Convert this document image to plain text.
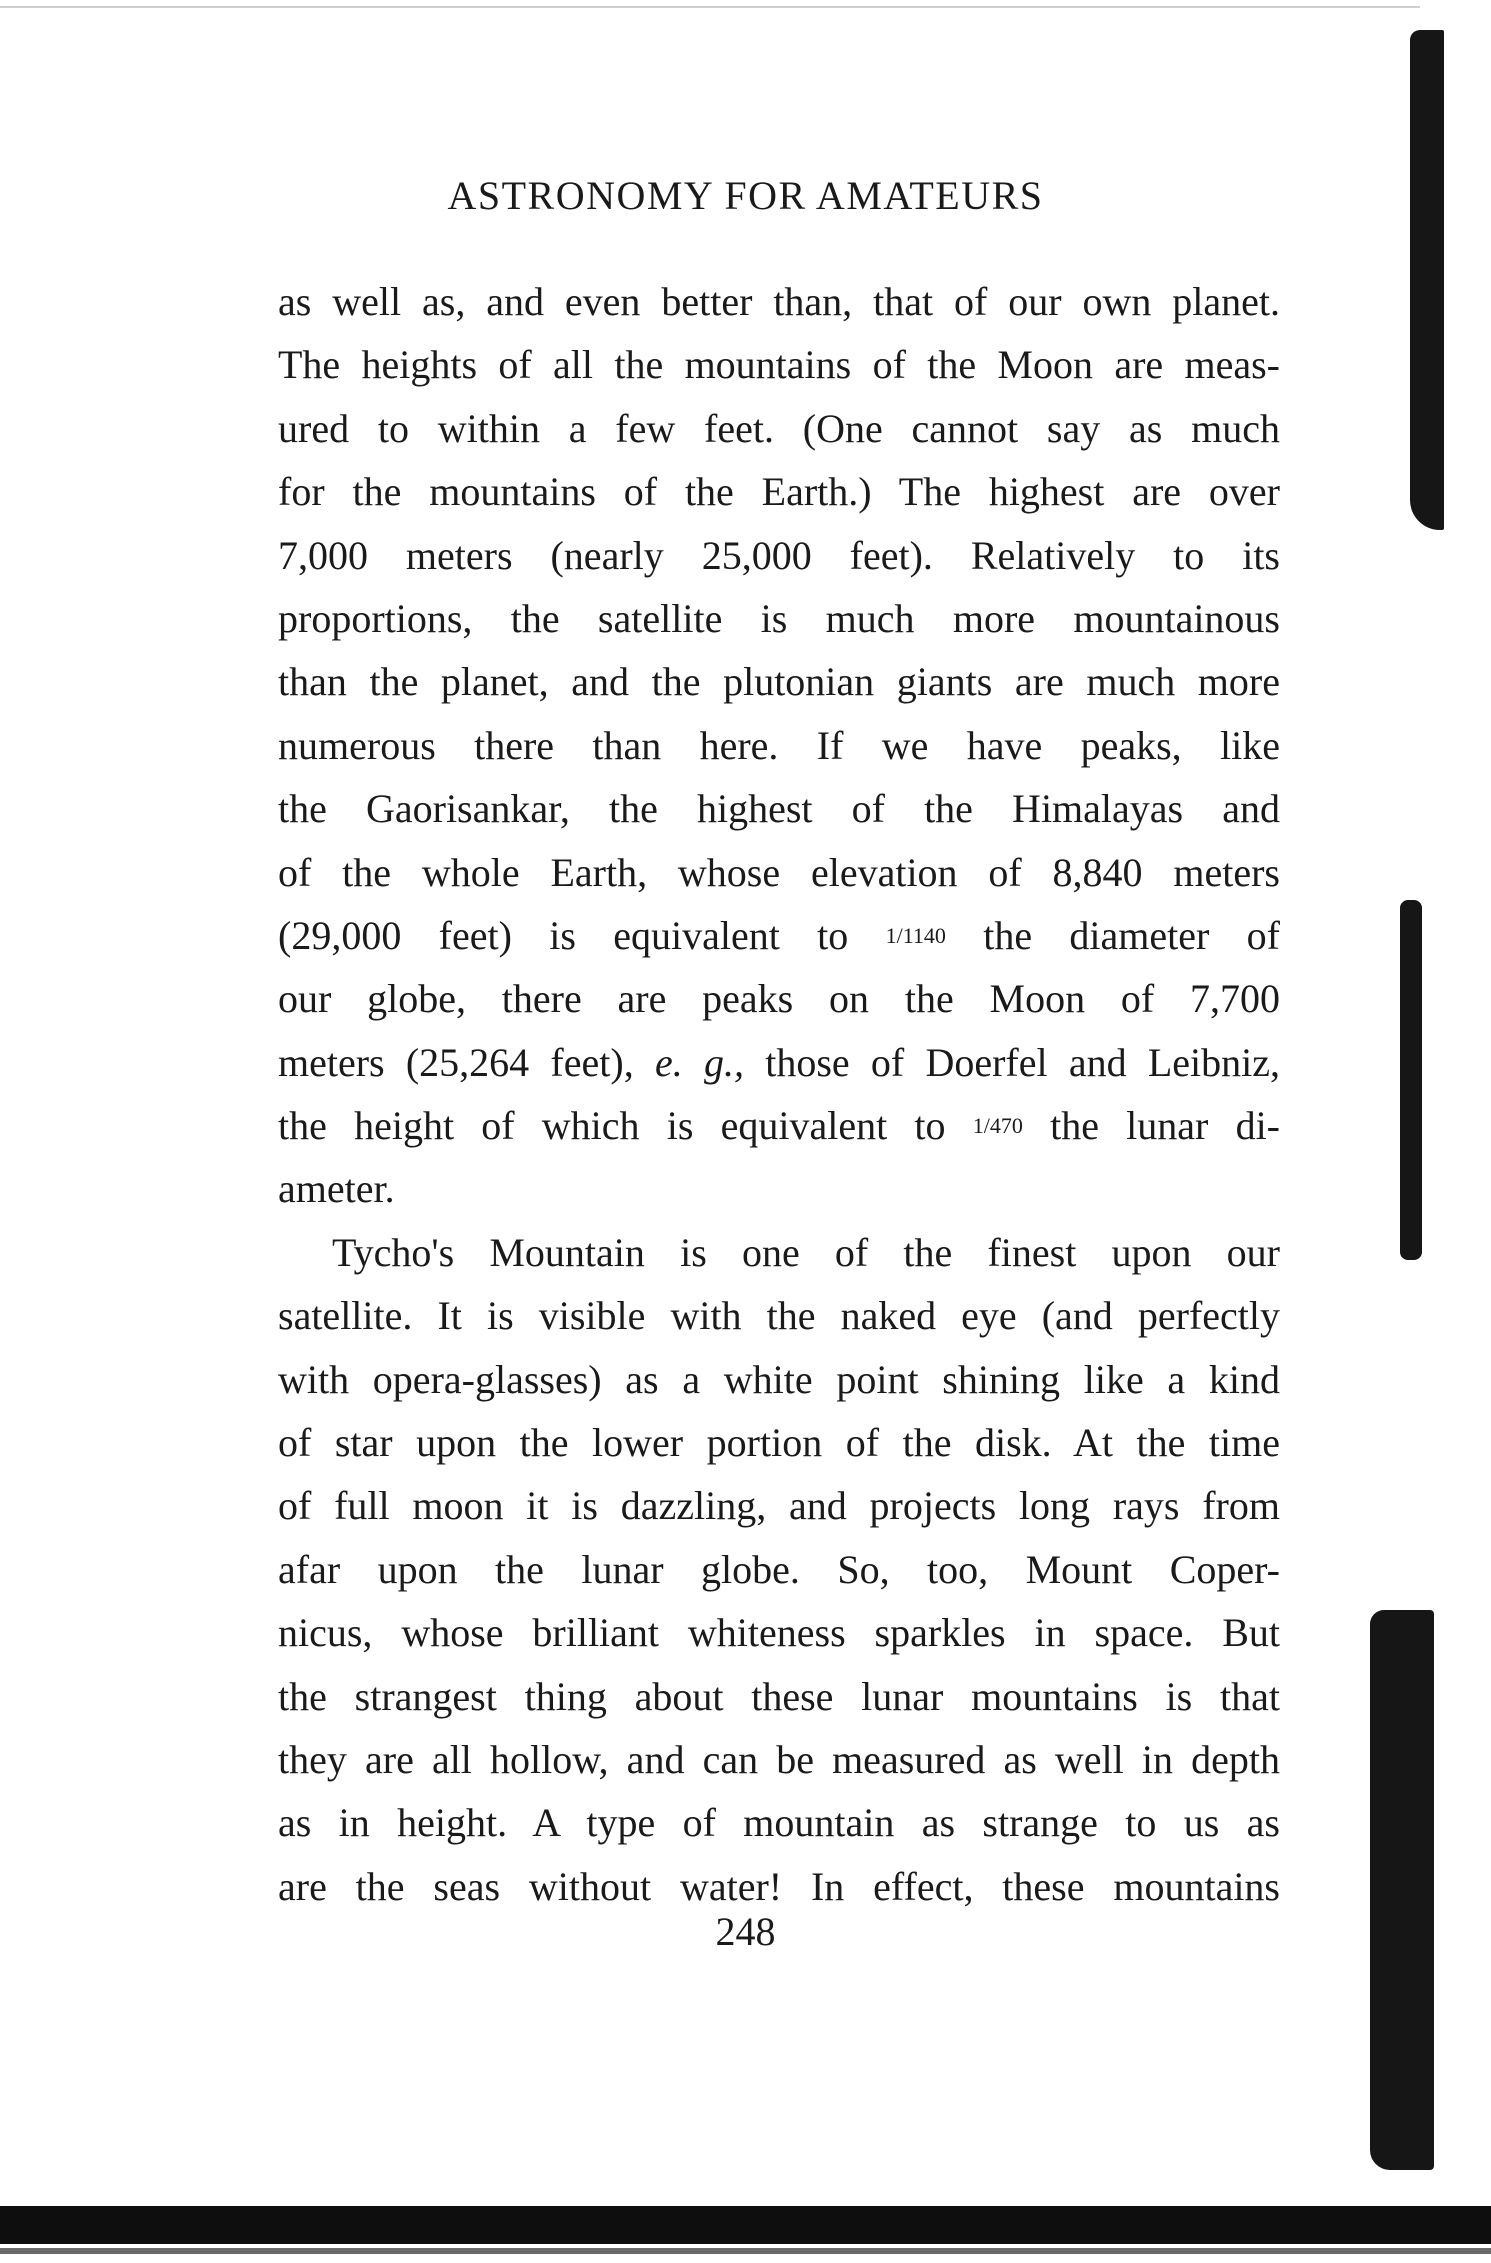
ASTRONOMY FOR AMATEURS
as well as, and even better than, that of our own planet.
The heights of all the mountains of the Moon are meas-
ured to within a few feet. (One cannot say as much
for the mountains of the Earth.) The highest are over
7,000 meters (nearly 25,000 feet). Relatively to its
proportions, the satellite is much more mountainous
than the planet, and the plutonian giants are much more
numerous there than here. If we have peaks, like
the Gaorisankar, the highest of the Himalayas and
of the whole Earth, whose elevation of 8,840 meters
(29,000 feet) is equivalent to 1/1140 the diameter of
our globe, there are peaks on the Moon of 7,700
meters (25,264 feet), e. g., those of Doerfel and Leibniz,
the height of which is equivalent to 1/470 the lunar di-
ameter.
Tycho's Mountain is one of the finest upon our
satellite. It is visible with the naked eye (and perfectly
with opera-glasses) as a white point shining like a kind
of star upon the lower portion of the disk. At the time
of full moon it is dazzling, and projects long rays from
afar upon the lunar globe. So, too, Mount Coper-
nicus, whose brilliant whiteness sparkles in space. But
the strangest thing about these lunar mountains is that
they are all hollow, and can be measured as well in depth
as in height. A type of mountain as strange to us as
are the seas without water! In effect, these mountains
248
